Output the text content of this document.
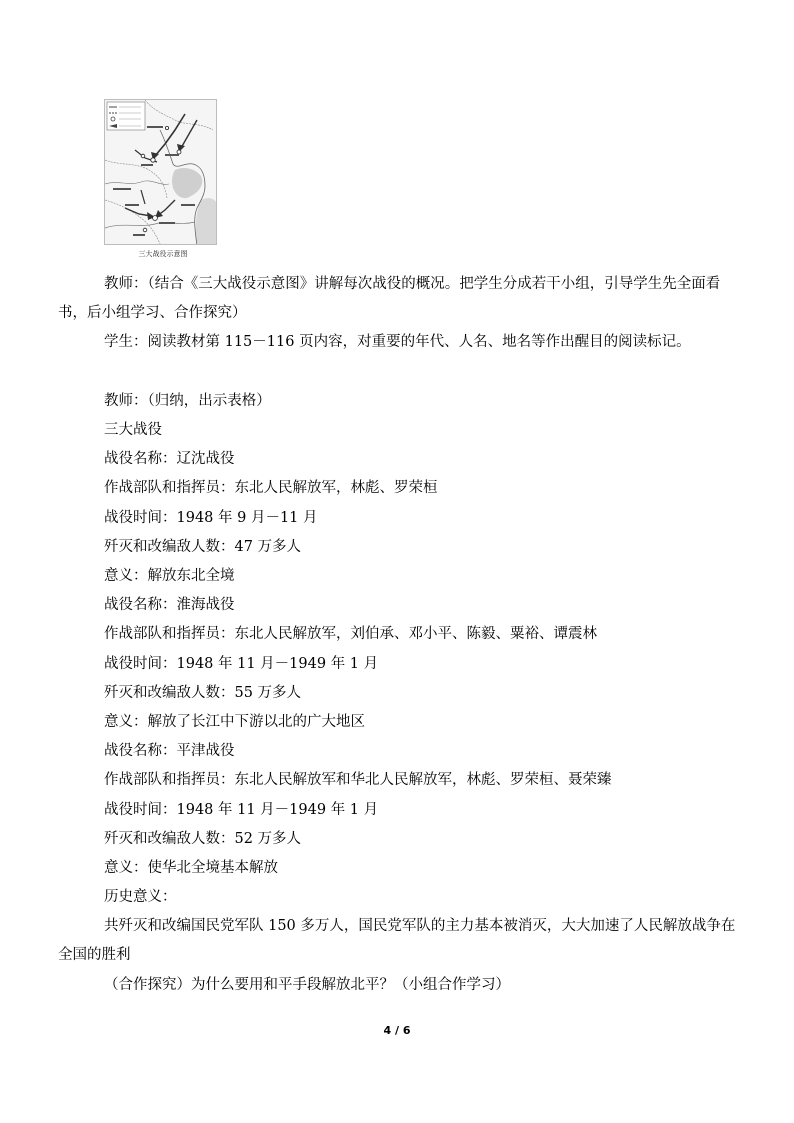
三大战役示意图
教师：（结合《三大战役示意图》讲解每次战役的概况。把学生分成若干小组，引导学生先全面看书，后小组学习、合作探究）
学生：阅读教材第 115－116 页内容，对重要的年代、人名、地名等作出醒目的阅读标记。
教师：（归纳，出示表格）
三大战役
战役名称：辽沈战役
作战部队和指挥员：东北人民解放军，林彪、罗荣桓
战役时间：1948 年 9 月－11 月
歼灭和改编敌人数：47 万多人
意义：解放东北全境
战役名称：淮海战役
作战部队和指挥员：东北人民解放军，刘伯承、邓小平、陈毅、粟裕、谭震林
战役时间：1948 年 11 月－1949 年 1 月
歼灭和改编敌人数：55 万多人
意义：解放了长江中下游以北的广大地区
战役名称：平津战役
作战部队和指挥员：东北人民解放军和华北人民解放军，林彪、罗荣桓、聂荣臻
战役时间：1948 年 11 月－1949 年 1 月
歼灭和改编敌人数：52 万多人
意义：使华北全境基本解放
历史意义：
共歼灭和改编国民党军队 150 多万人，国民党军队的主力基本被消灭，大大加速了人民解放战争在全国的胜利
（合作探究）为什么要用和平手段解放北平？（小组合作学习）
4 / 6
